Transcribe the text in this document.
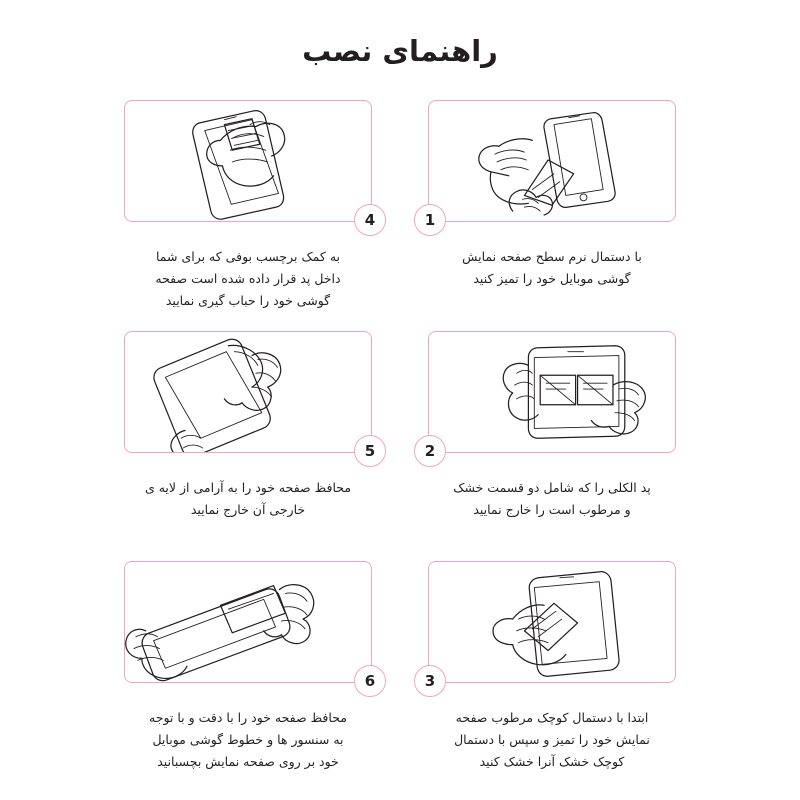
راهنمای نصب
1
با دستمال نرم سطح صفحه نمایش
گوشی موبایل خود را تمیز کنید
4
به کمک برچسب بوفی که برای شما
داخل پد قرار داده شده است صفحه
گوشی خود را حباب گیری نمایید
2
پد الکلی را که شامل دو قسمت خشک
و مرطوب است را خارج نمایید
5
محافظ صفحه خود را به آرامی از لایه ی
خارجی آن خارج نمایید
3
ابتدا با دستمال کوچک مرطوب صفحه
نمایش خود را تمیز و سپس با دستمال
کوچک خشک آنرا خشک کنید
6
محافظ صفحه خود را با دقت و با توجه
به سنسور ها و خطوط گوشی موبایل
خود بر روی صفحه نمایش بچسبانید
